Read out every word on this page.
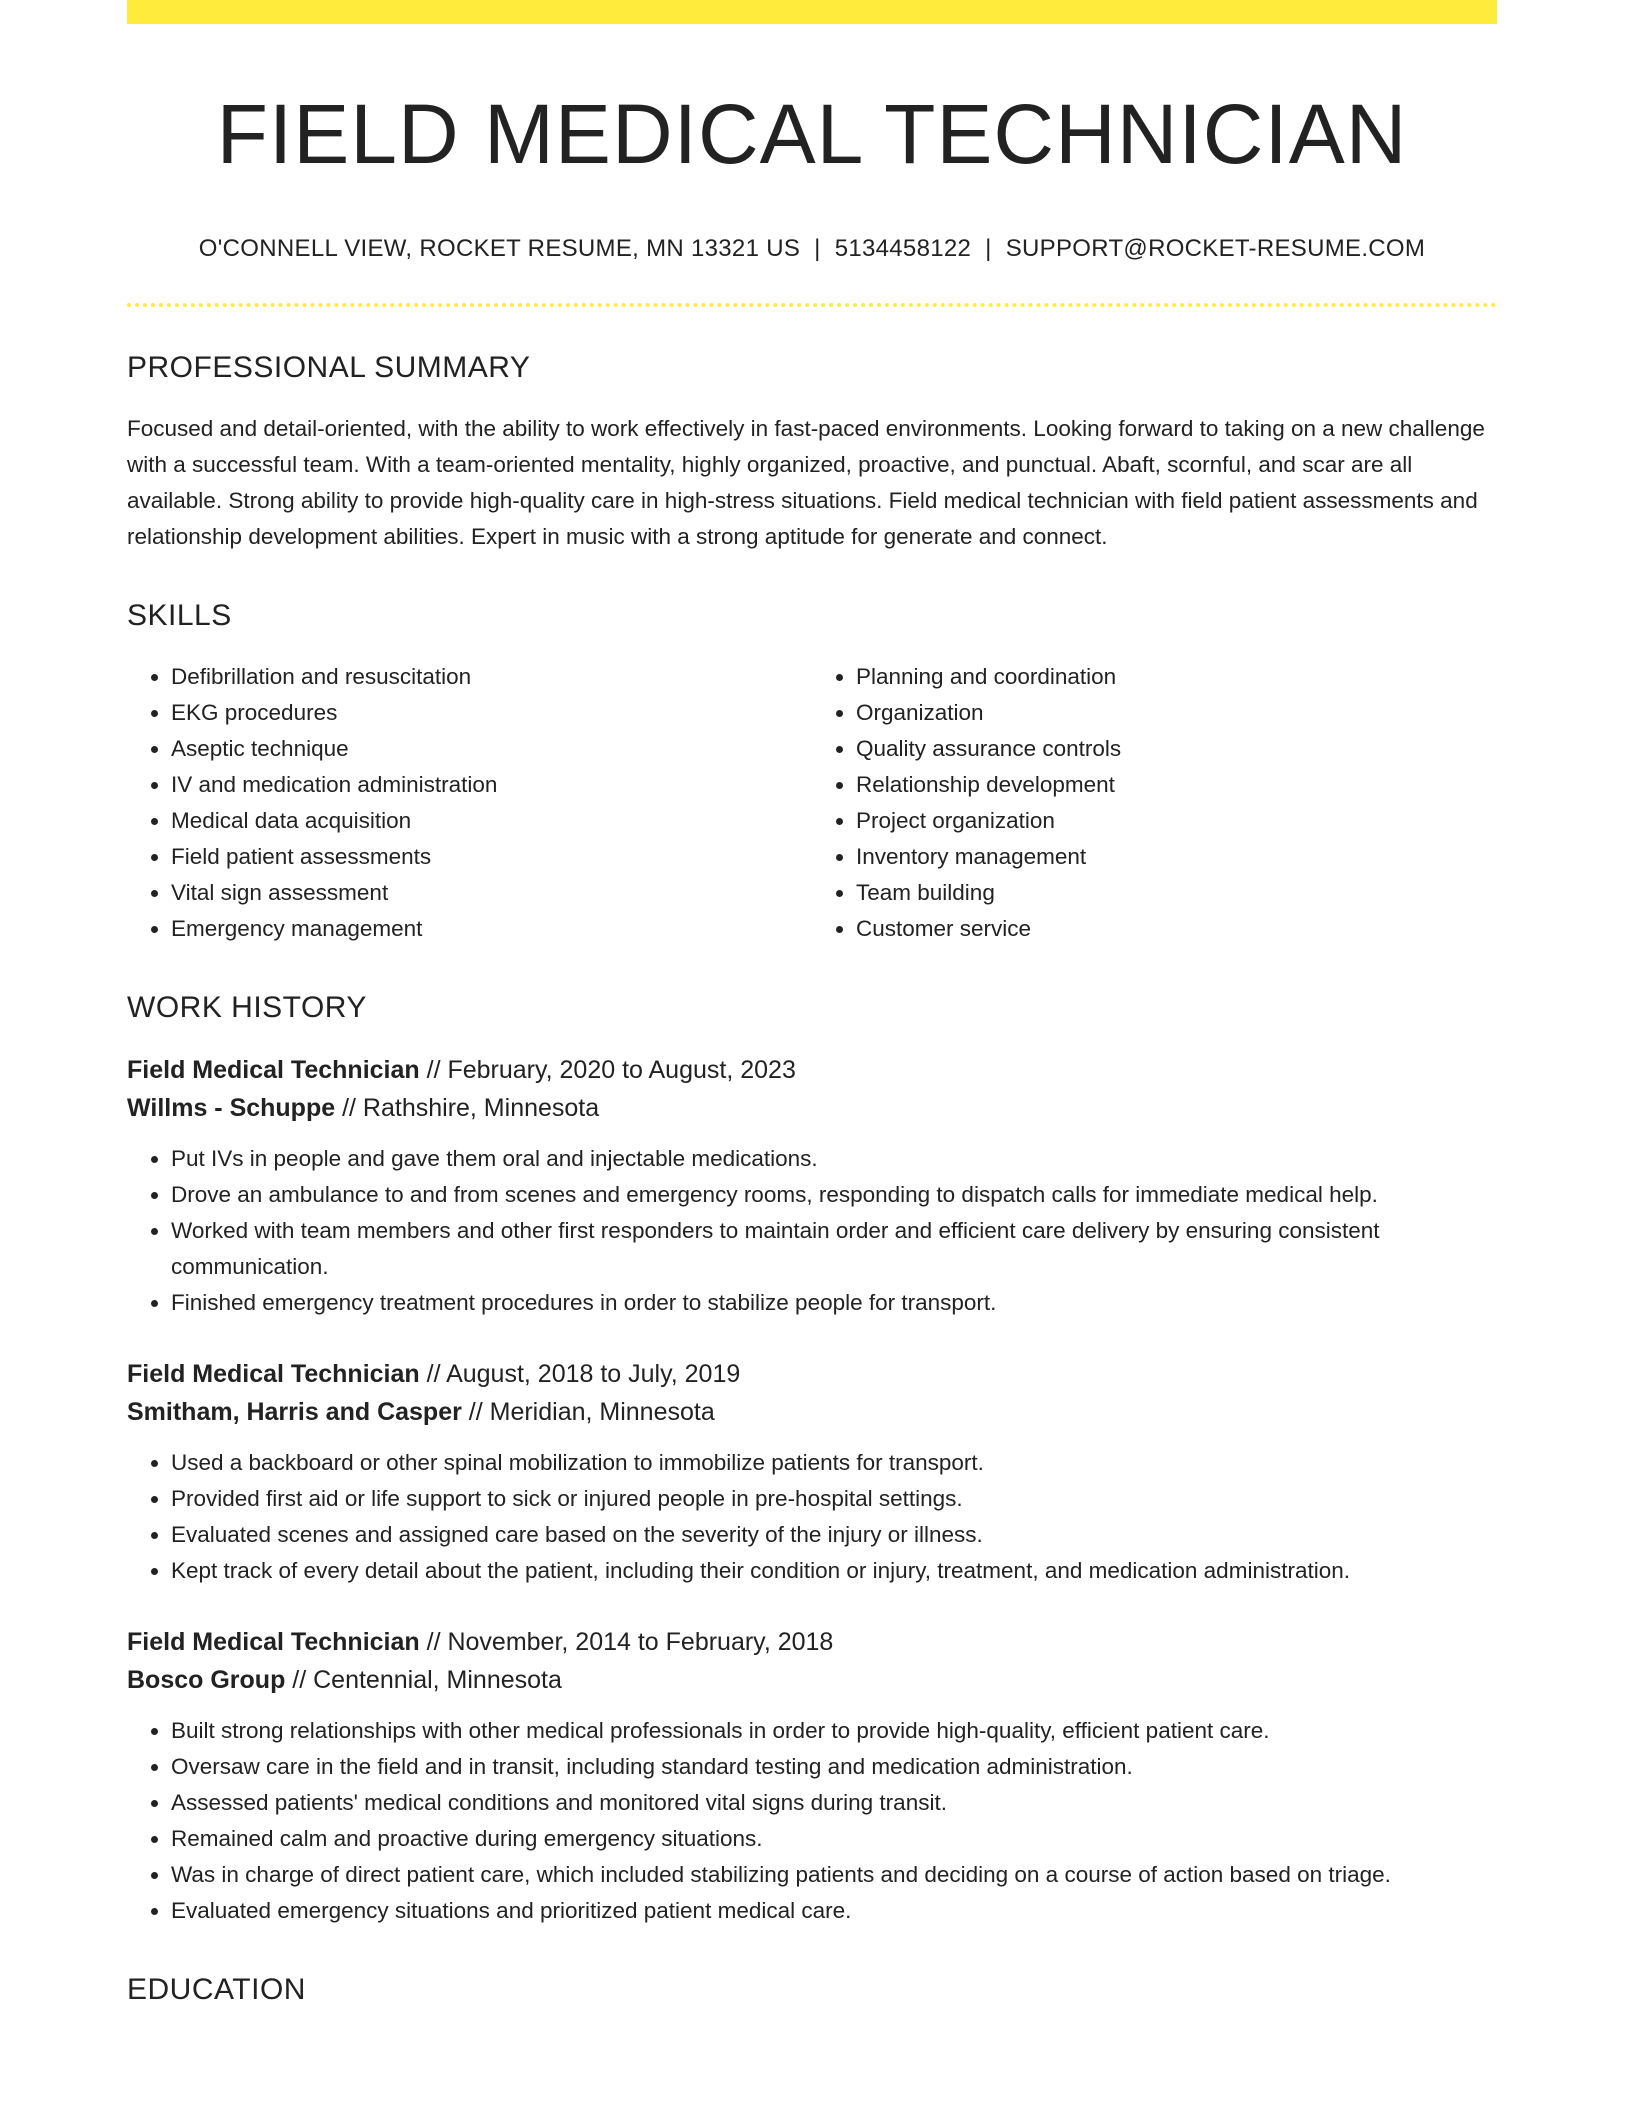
FIELD MEDICAL TECHNICIAN
O'CONNELL VIEW, ROCKET RESUME, MN 13321 US | 5134458122 | SUPPORT@ROCKET-RESUME.COM
PROFESSIONAL SUMMARY

Focused and detail-oriented, with the ability to work effectively in fast-paced environments. Looking forward to taking on a new challenge with a successful team. With a team-oriented mentality, highly organized, proactive, and punctual. Abaft, scornful, and scar are all available. Strong ability to provide high-quality care in high-stress situations. Field medical technician with field patient assessments and relationship development abilities. Expert in music with a strong aptitude for generate and connect.

SKILLS
• Defibrillation and resuscitation
• EKG procedures
• Aseptic technique
• IV and medication administration
• Medical data acquisition
• Field patient assessments
• Vital sign assessment
• Emergency management
• Planning and coordination
• Organization
• Quality assurance controls
• Relationship development
• Project organization
• Inventory management
• Team building
• Customer service
WORK HISTORY
Field Medical Technician // February, 2020 to August, 2023
Willms - Schuppe // Rathshire, Minnesota
• Put IVs in people and gave them oral and injectable medications.
• Drove an ambulance to and from scenes and emergency rooms, responding to dispatch calls for immediate medical help.
• Worked with team members and other first responders to maintain order and efficient care delivery by ensuring consistent communication.
• Finished emergency treatment procedures in order to stabilize people for transport.
Field Medical Technician // August, 2018 to July, 2019
Smitham, Harris and Casper // Meridian, Minnesota
• Used a backboard or other spinal mobilization to immobilize patients for transport.
• Provided first aid or life support to sick or injured people in pre-hospital settings.
• Evaluated scenes and assigned care based on the severity of the injury or illness.
• Kept track of every detail about the patient, including their condition or injury, treatment, and medication administration.
Field Medical Technician // November, 2014 to February, 2018
Bosco Group // Centennial, Minnesota
• Built strong relationships with other medical professionals in order to provide high-quality, efficient patient care.
• Oversaw care in the field and in transit, including standard testing and medication administration.
• Assessed patients' medical conditions and monitored vital signs during transit.
• Remained calm and proactive during emergency situations.
• Was in charge of direct patient care, which included stabilizing patients and deciding on a course of action based on triage.
• Evaluated emergency situations and prioritized patient medical care.
EDUCATION
